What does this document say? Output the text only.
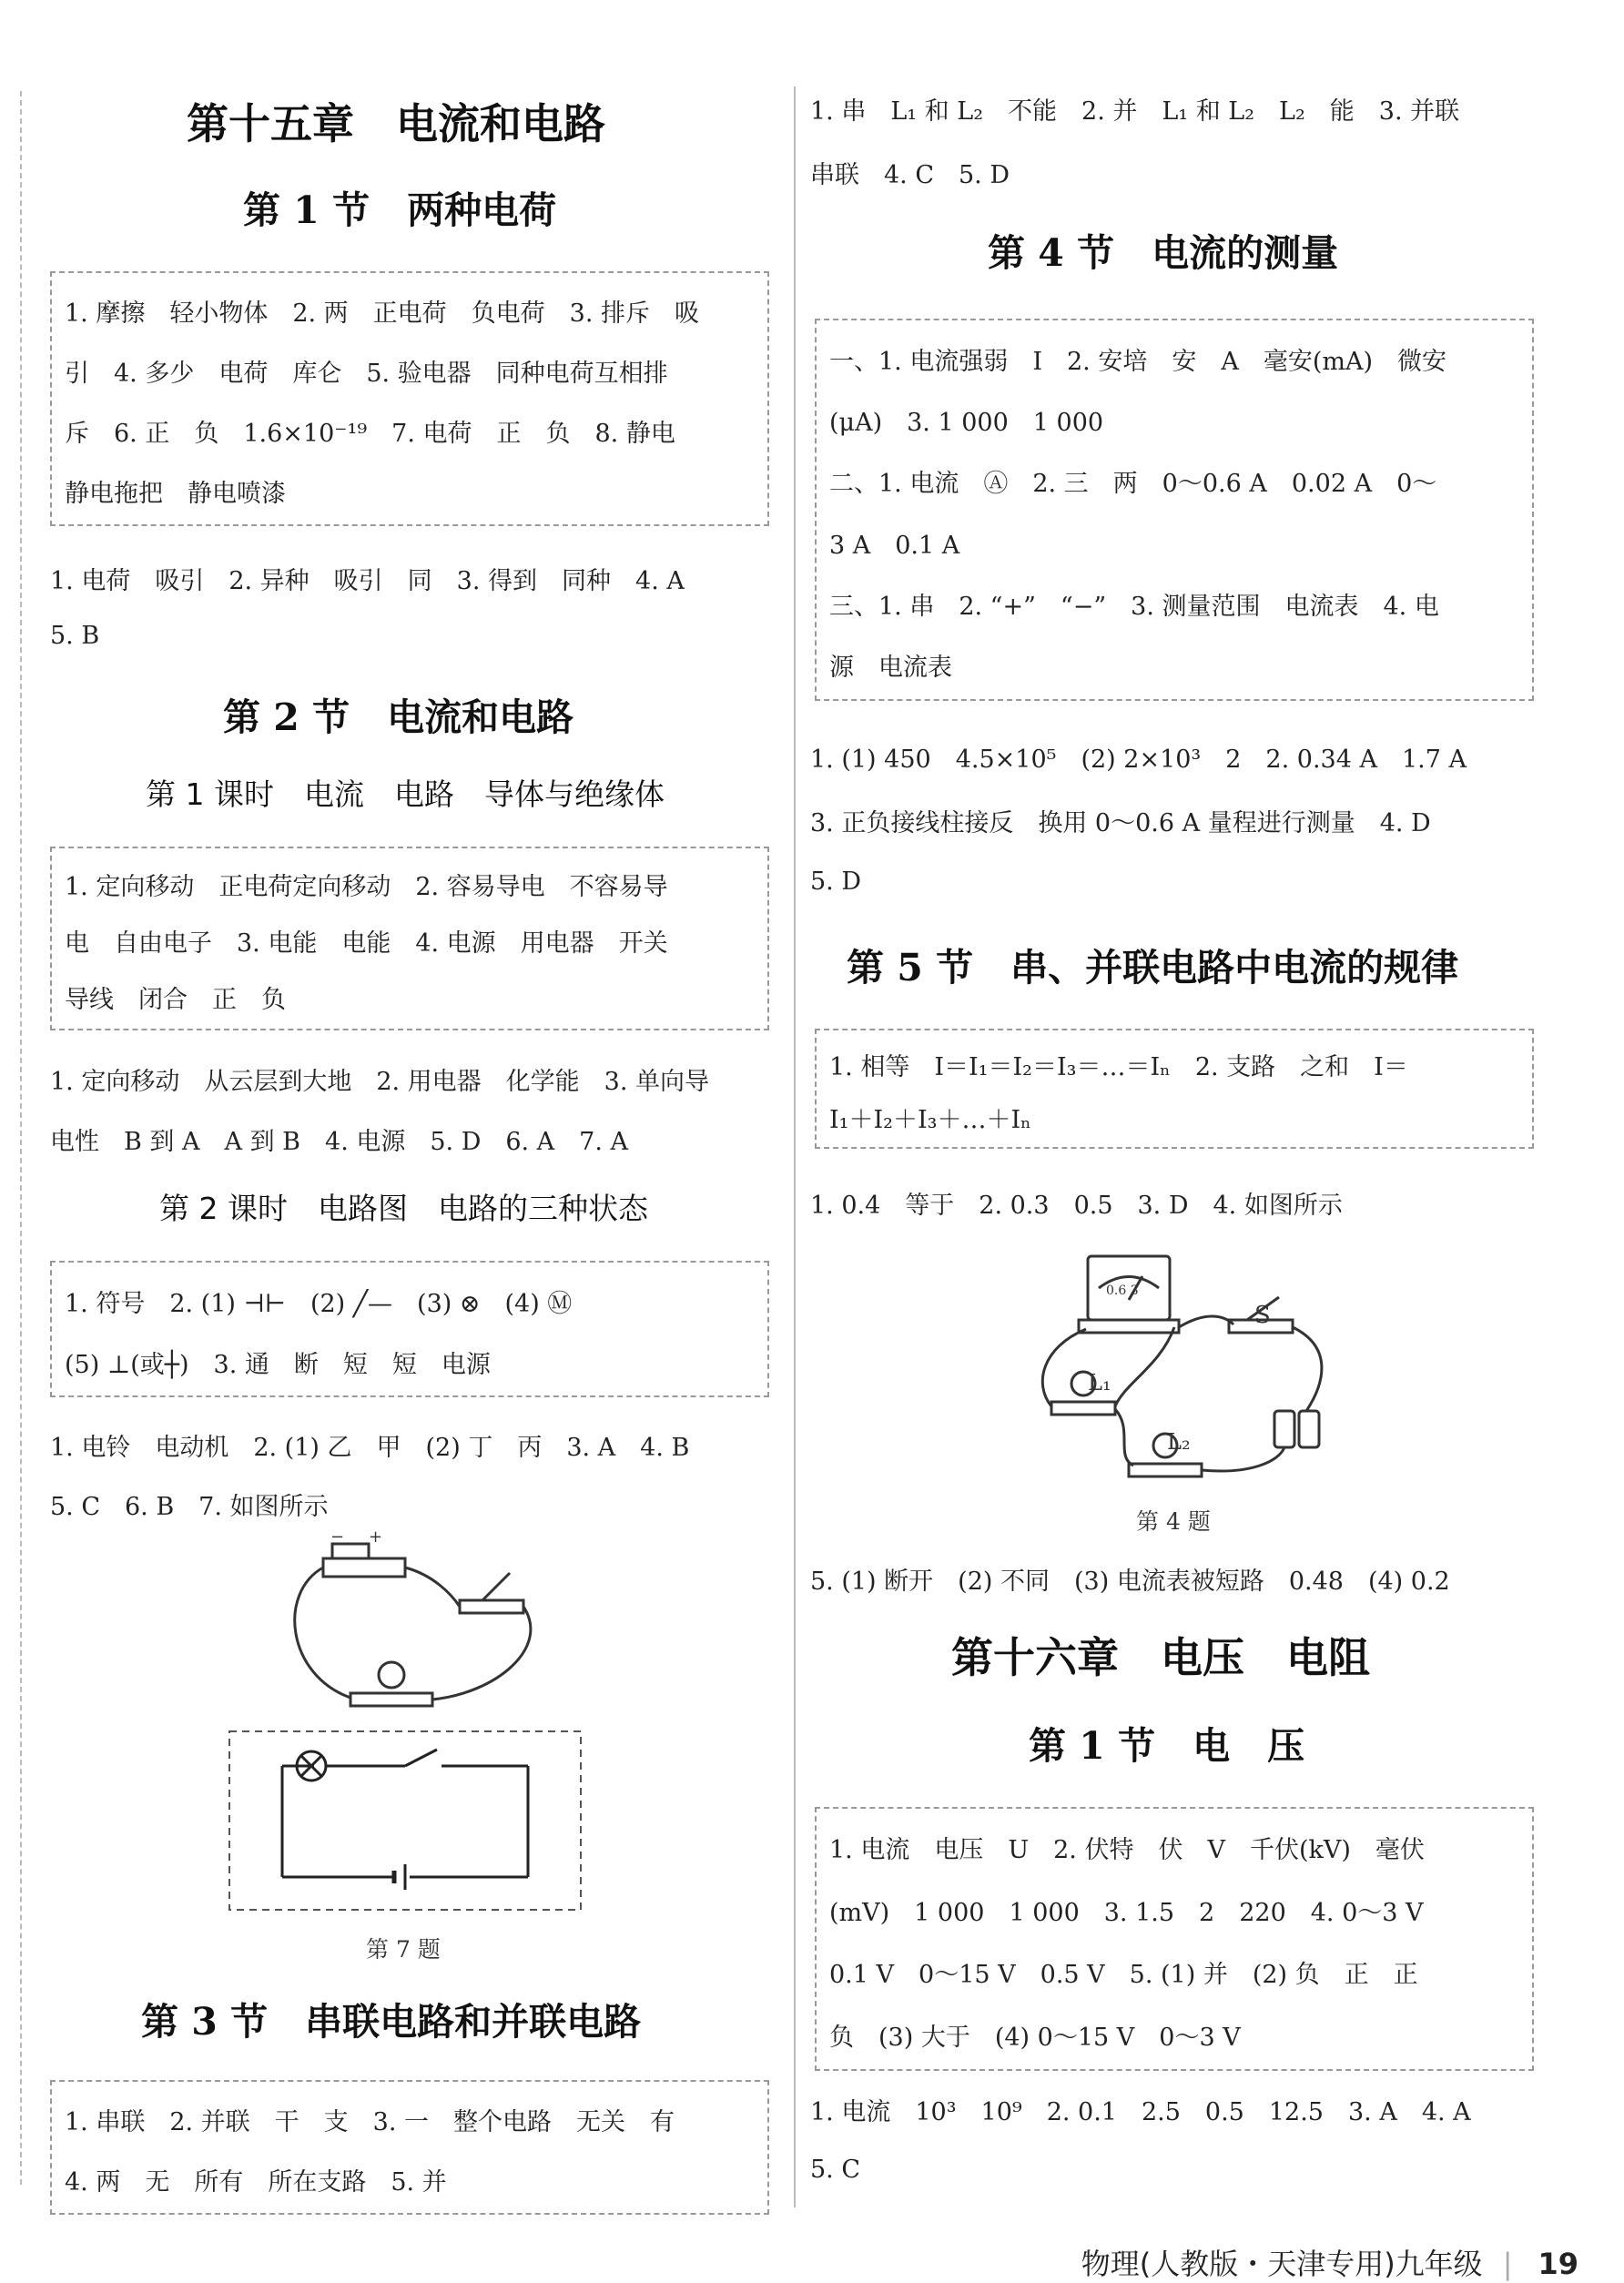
第十五章　电流和电路
第 1 节　两种电荷
1. 摩擦　轻小物体　2. 两　正电荷　负电荷　3. 排斥　吸
引　4. 多少　电荷　库仑　5. 验电器　同种电荷互相排
斥　6. 正　负　1.6×10⁻¹⁹　7. 电荷　正　负　8. 静电
静电拖把　静电喷漆
1. 电荷　吸引　2. 异种　吸引　同　3. 得到　同种　4. A
5. B
第 2 节　电流和电路
第 1 课时　电流　电路　导体与绝缘体
1. 定向移动　正电荷定向移动　2. 容易导电　不容易导
电　自由电子　3. 电能　电能　4. 电源　用电器　开关
导线　闭合　正　负
1. 定向移动　从云层到大地　2. 用电器　化学能　3. 单向导
电性　B 到 A　A 到 B　4. 电源　5. D　6. A　7. A
第 2 课时　电路图　电路的三种状态
1. 符号　2. (1) ⊣⊢　(2) ╱—　(3) ⊗　(4) Ⓜ
(5) ⊥(或┼)　3. 通　断　短　短　电源
1. 电铃　电动机　2. (1) 乙　甲　(2) 丁　丙　3. A　4. B
5. C　6. B　7. 如图所示
− +
第 7 题
第 3 节　串联电路和并联电路
1. 串联　2. 并联　干　支　3. 一　整个电路　无关　有
4. 两　无　所有　所在支路　5. 并
1. 串　L₁ 和 L₂　不能　2. 并　L₁ 和 L₂　L₂　能　3. 并联
串联　4. C　5. D
第 4 节　电流的测量
一、1. 电流强弱　I　2. 安培　安　A　毫安(mA)　微安
(μA)　3. 1 000　1 000
二、1. 电流　Ⓐ　2. 三　两　0～0.6 A　0.02 A　0～
3 A　0.1 A
三、1. 串　2. “+”　“−”　3. 测量范围　电流表　4. 电
源　电流表
1. (1) 450　4.5×10⁵　(2) 2×10³　2　2. 0.34 A　1.7 A
3. 正负接线柱接反　换用 0～0.6 A 量程进行测量　4. D
5. D
第 5 节　串、并联电路中电流的规律
1. 相等　I＝I₁＝I₂＝I₃＝…＝Iₙ　2. 支路　之和　I＝
I₁＋I₂＋I₃＋…＋Iₙ
1. 0.4　等于　2. 0.3　0.5　3. D　4. 如图所示
0.6 3
S
L₁
L₂
第 4 题
5. (1) 断开　(2) 不同　(3) 电流表被短路　0.48　(4) 0.2
第十六章　电压　电阻
第 1 节　电　压
1. 电流　电压　U　2. 伏特　伏　V　千伏(kV)　毫伏
(mV)　1 000　1 000　3. 1.5　2　220　4. 0～3 V
0.1 V　0～15 V　0.5 V　5. (1) 并　(2) 负　正　正
负　(3) 大于　(4) 0～15 V　0～3 V
1. 电流　10³　10⁹　2. 0.1　2.5　0.5　12.5　3. A　4. A
5. C
物理(人教版・天津专用)九年级 | 19
